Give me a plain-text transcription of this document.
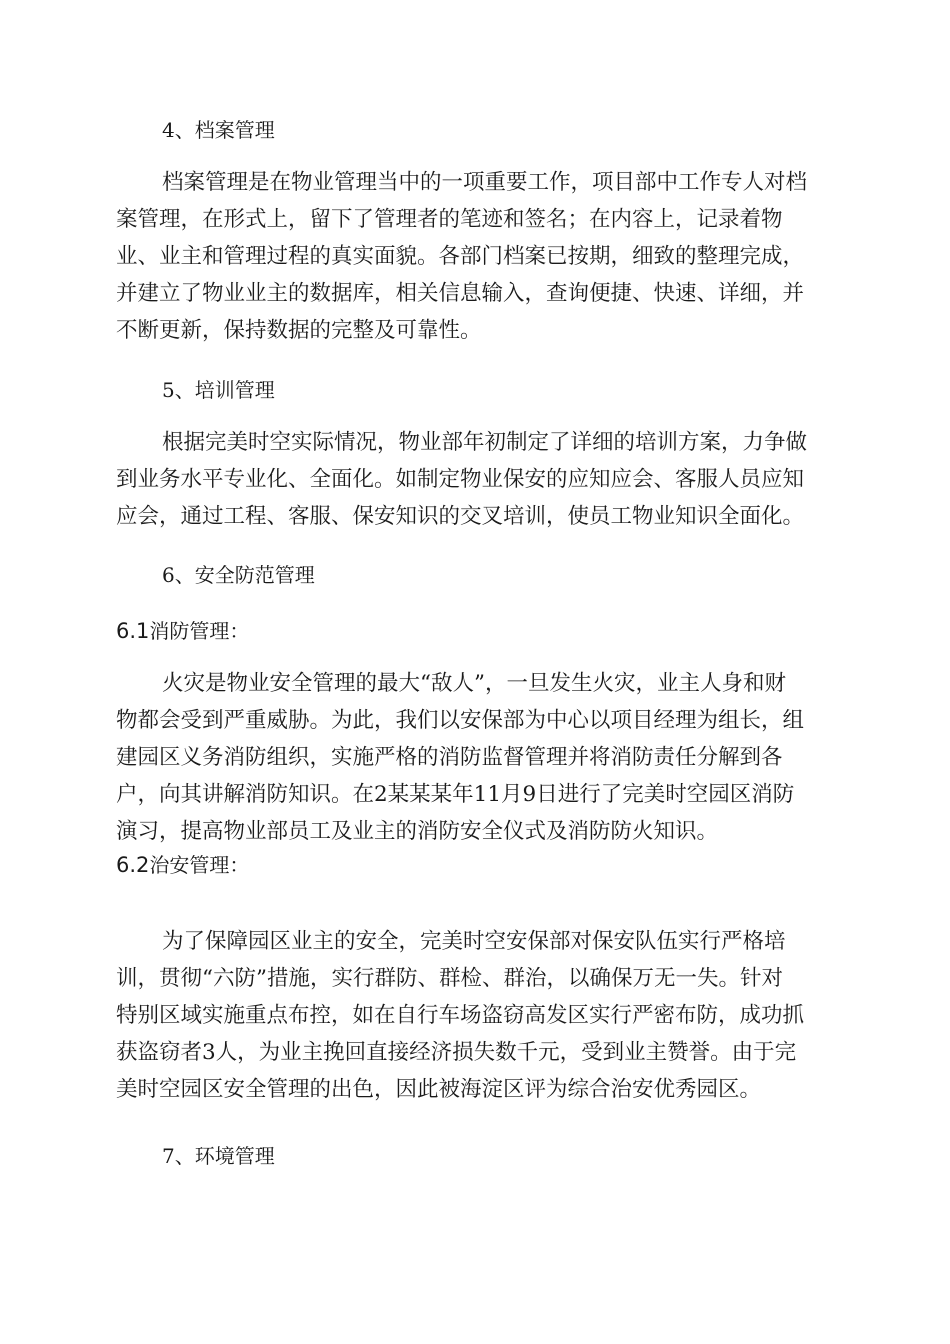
4、档案管理
档案管理是在物业管理当中的一项重要工作，项目部中工作专人对档
案管理，在形式上，留下了管理者的笔迹和签名；在内容上，记录着物
业、业主和管理过程的真实面貌。各部门档案已按期，细致的整理完成，
并建立了物业业主的数据库，相关信息输入，查询便捷、快速、详细，并
不断更新，保持数据的完整及可靠性。
5、培训管理
根据完美时空实际情况，物业部年初制定了详细的培训方案，力争做
到业务水平专业化、全面化。如制定物业保安的应知应会、客服人员应知
应会，通过工程、客服、保安知识的交叉培训，使员工物业知识全面化。
6、安全防范管理
6.1消防管理：
火灾是物业安全管理的最大“敌人”，一旦发生火灾，业主人身和财
物都会受到严重威胁。为此，我们以安保部为中心以项目经理为组长，组
建园区义务消防组织，实施严格的消防监督管理并将消防责任分解到各
户，向其讲解消防知识。在2某某某年11月9日进行了完美时空园区消防
演习，提高物业部员工及业主的消防安全仪式及消防防火知识。
6.2治安管理：
为了保障园区业主的安全，完美时空安保部对保安队伍实行严格培
训，贯彻“六防”措施，实行群防、群检、群治，以确保万无一失。针对
特别区域实施重点布控，如在自行车场盗窃高发区实行严密布防，成功抓
获盗窃者3人，为业主挽回直接经济损失数千元，受到业主赞誉。由于完
美时空园区安全管理的出色，因此被海淀区评为综合治安优秀园区。
7、环境管理
